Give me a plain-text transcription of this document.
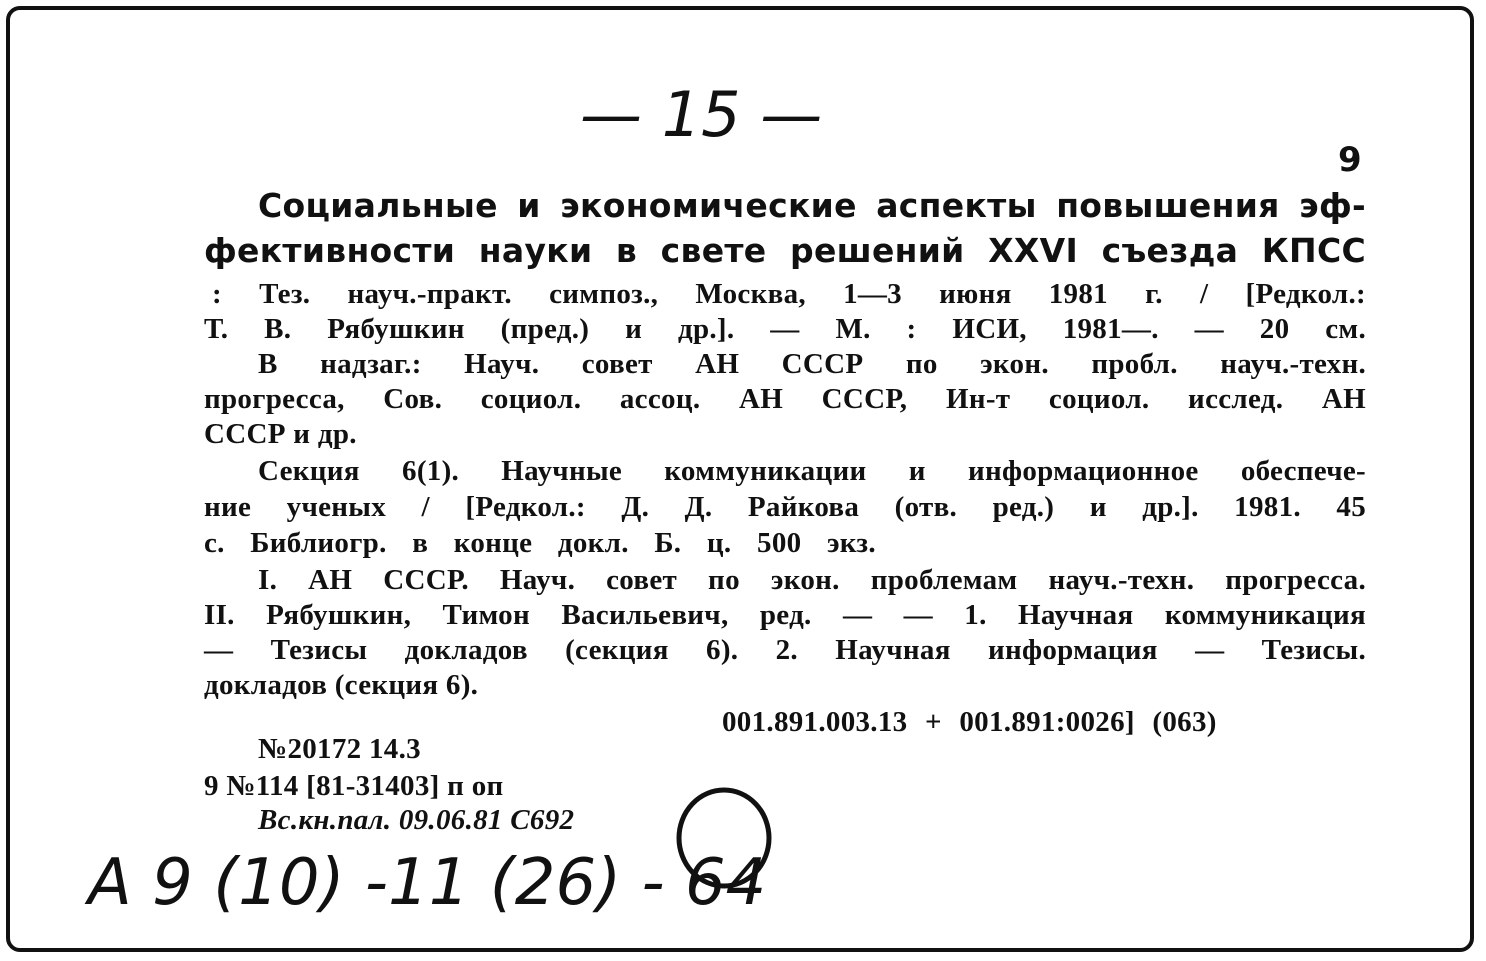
— 15 —
9
Социальные и экономические аспекты повышения эф-
фективности науки в свете решений XXVI съезда КПСС
: Тез. науч.-практ. симпоз., Москва, 1—3 июня 1981 г. / [Редкол.:
Т. В. Рябушкин (пред.) и др.]. — М. : ИСИ, 1981—. — 20 см.
В надзаг.: Науч. совет АН СССР по экон. пробл. науч.-техн.
прогресса, Сов. социол. ассоц. АН СССР, Ин-т социол. исслед. АН
СССР и др.
Секция 6(1). Научные коммуникации и информационное обеспече-
ние ученых / [Редкол.: Д. Д. Райкова (отв. ред.) и др.]. 1981. 45
с. Библиогр. в конце докл. Б. ц. 500 экз.
I. АН СССР. Науч. совет по экон. проблемам науч.-техн. прогресса.
II. Рябушкин, Тимон Васильевич, ред. — — 1. Научная коммуникация
— Тезисы докладов (секция 6). 2. Научная информация — Тезисы.
докладов (секция 6).
001.891.003.13 + 001.891:0026] (063)
№20172 14.3
9 №114 [81-31403] п оп
Вс.кн.пал. 09.06.81 С692
А 9 (10) -11 (26) - 64
